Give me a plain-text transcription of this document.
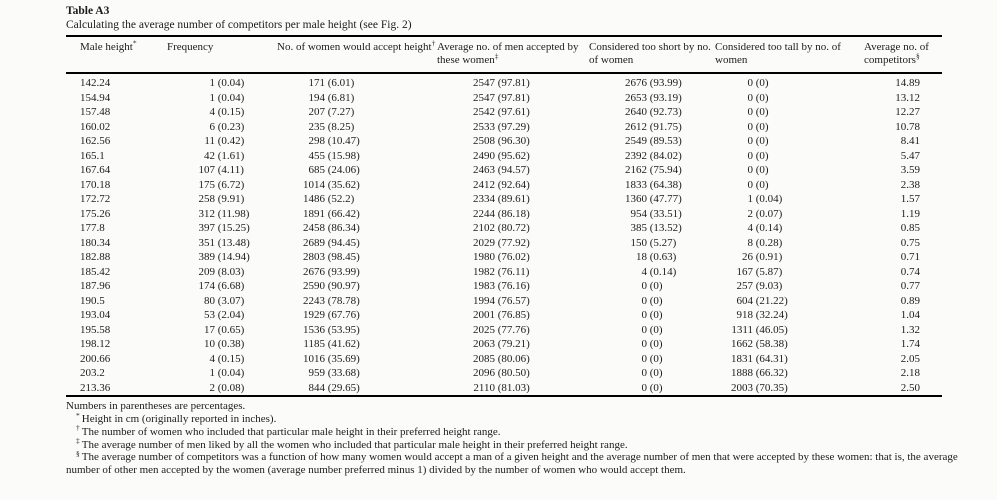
Table A3
Calculating the average number of competitors per male height (see Fig. 2)
Male height*	Frequency	No. of women would accept height†	Average no. of men accepted by these women‡	Considered too short by no. of women	Considered too tall by no. of women	Average no. of competitors§
142.24	1 (0.04)	171 (6.01)	2547 (97.81)	2676 (93.99)	0 (0)	14.89
154.94	1 (0.04)	194 (6.81)	2547 (97.81)	2653 (93.19)	0 (0)	13.12
157.48	4 (0.15)	207 (7.27)	2542 (97.61)	2640 (92.73)	0 (0)	12.27
160.02	6 (0.23)	235 (8.25)	2533 (97.29)	2612 (91.75)	0 (0)	10.78
162.56	11 (0.42)	298 (10.47)	2508 (96.30)	2549 (89.53)	0 (0)	8.41
165.1	42 (1.61)	455 (15.98)	2490 (95.62)	2392 (84.02)	0 (0)	5.47
167.64	107 (4.11)	685 (24.06)	2463 (94.57)	2162 (75.94)	0 (0)	3.59
170.18	175 (6.72)	1014 (35.62)	2412 (92.64)	1833 (64.38)	0 (0)	2.38
172.72	258 (9.91)	1486 (52.2)	2334 (89.61)	1360 (47.77)	1 (0.04)	1.57
175.26	312 (11.98)	1891 (66.42)	2244 (86.18)	954 (33.51)	2 (0.07)	1.19
177.8	397 (15.25)	2458 (86.34)	2102 (80.72)	385 (13.52)	4 (0.14)	0.85
180.34	351 (13.48)	2689 (94.45)	2029 (77.92)	150 (5.27)	8 (0.28)	0.75
182.88	389 (14.94)	2803 (98.45)	1980 (76.02)	18 (0.63)	26 (0.91)	0.71
185.42	209 (8.03)	2676 (93.99)	1982 (76.11)	4 (0.14)	167 (5.87)	0.74
187.96	174 (6.68)	2590 (90.97)	1983 (76.16)	0 (0)	257 (9.03)	0.77
190.5	80 (3.07)	2243 (78.78)	1994 (76.57)	0 (0)	604 (21.22)	0.89
193.04	53 (2.04)	1929 (67.76)	2001 (76.85)	0 (0)	918 (32.24)	1.04
195.58	17 (0.65)	1536 (53.95)	2025 (77.76)	0 (0)	1311 (46.05)	1.32
198.12	10 (0.38)	1185 (41.62)	2063 (79.21)	0 (0)	1662 (58.38)	1.74
200.66	4 (0.15)	1016 (35.69)	2085 (80.06)	0 (0)	1831 (64.31)	2.05
203.2	1 (0.04)	959 (33.68)	2096 (80.50)	0 (0)	1888 (66.32)	2.18
213.36	2 (0.08)	844 (29.65)	2110 (81.03)	0 (0)	2003 (70.35)	2.50
Numbers in parentheses are percentages.
* Height in cm (originally reported in inches).
† The number of women who included that particular male height in their preferred height range.
‡ The average number of men liked by all the women who included that particular male height in their preferred height range.
§ The average number of competitors was a function of how many women would accept a man of a given height and the average number of men that were accepted by these women: that is, the average number of other men accepted by the women (average number preferred minus 1) divided by the number of women who would accept them.
